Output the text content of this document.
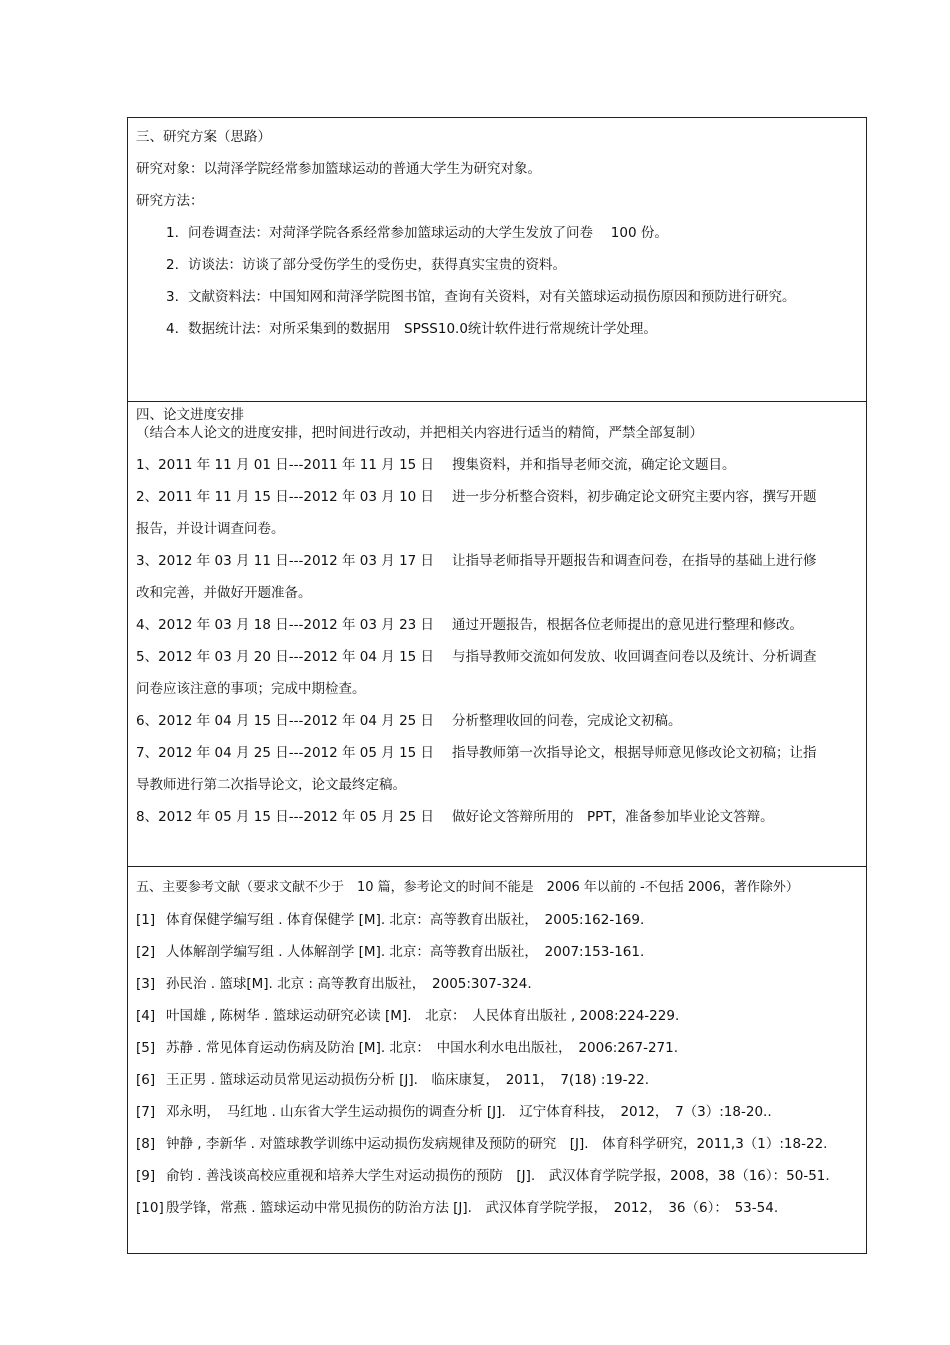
三、研究方案（思路）
研究对象：以菏泽学院经常参加篮球运动的普通大学生为研究对象。
研究方法：
1. 问卷调查法：对菏泽学院各系经常参加篮球运动的大学生发放了问卷　 100 份。
2. 访谈法：访谈了部分受伤学生的受伤史，获得真实宝贵的资料。
3. 文献资料法：中国知网和菏泽学院图书馆，查询有关资料，对有关篮球运动损伤原因和预防进行研究。
4. 数据统计法：对所采集到的数据用　SPSS10.0统计软件进行常规统计学处理。
四、论文进度安排
（结合本人论文的进度安排，把时间进行改动，并把相关内容进行适当的精简，严禁全部复制）
1、2011 年 11 月 01 日---2011 年 11 月 15 日 搜集资料，并和指导老师交流，确定论文题目。
2、2011 年 11 月 15 日---2012 年 03 月 10 日 进一步分析整合资料，初步确定论文研究主要内容，撰写开题
报告，并设计调查问卷。
3、2012 年 03 月 11 日---2012 年 03 月 17 日 让指导老师指导开题报告和调查问卷，在指导的基础上进行修
改和完善，并做好开题准备。
4、2012 年 03 月 18 日---2012 年 03 月 23 日 通过开题报告，根据各位老师提出的意见进行整理和修改。
5、2012 年 03 月 20 日---2012 年 04 月 15 日 与指导教师交流如何发放、收回调查问卷以及统计、分析调查
问卷应该注意的事项；完成中期检查。
6、2012 年 04 月 15 日---2012 年 04 月 25 日 分析整理收回的问卷，完成论文初稿。
7、2012 年 04 月 25 日---2012 年 05 月 15 日 指导教师第一次指导论文，根据导师意见修改论文初稿；让指
导教师进行第二次指导论文，论文最终定稿。
8、2012 年 05 月 15 日---2012 年 05 月 25 日 做好论文答辩所用的　PPT，准备参加毕业论文答辩。
五、主要参考文献（要求文献不少于　10 篇，参考论文的时间不能是　2006 年以前的 -不包括 2006，著作除外）
[1] 体育保健学编写组 . 体育保健学 [M]. 北京：高等教育出版社，　2005:162-169.
[2] 人体解剖学编写组 . 人体解剖学 [M]. 北京：高等教育出版社，　2007:153-161.
[3] 孙民治 . 篮球[M]. 北京 : 高等教育出版社，　2005:307-324.
[4] 叶国雄 , 陈树华 . 篮球运动研究必读 [M].　北京：　人民体育出版社 , 2008:224-229.
[5] 苏静 . 常见体育运动伤病及防治 [M]. 北京：　中国水利水电出版社，　2006:267-271.
[6] 王正男 . 篮球运动员常见运动损伤分析 [J].　临床康复，　2011，　7(18) :19-22.
[7] 邓永明，　马红地 . 山东省大学生运动损伤的调查分析 [J].　辽宁体育科技，　2012，　7（3）:18-20..
[8] 钟静 , 李新华 . 对篮球教学训练中运动损伤发病规律及预防的研究　[J].　体育科学研究，2011,3（1）:18-22.
[9] 俞钧 . 善浅谈高校应重视和培养大学生对运动损伤的预防　[J].　武汉体育学院学报，2008，38（16）：50-51.
[10] 殷学锋，常燕 . 篮球运动中常见损伤的防治方法 [J].　武汉体育学院学报，　2012，　36（6）：　53-54.
